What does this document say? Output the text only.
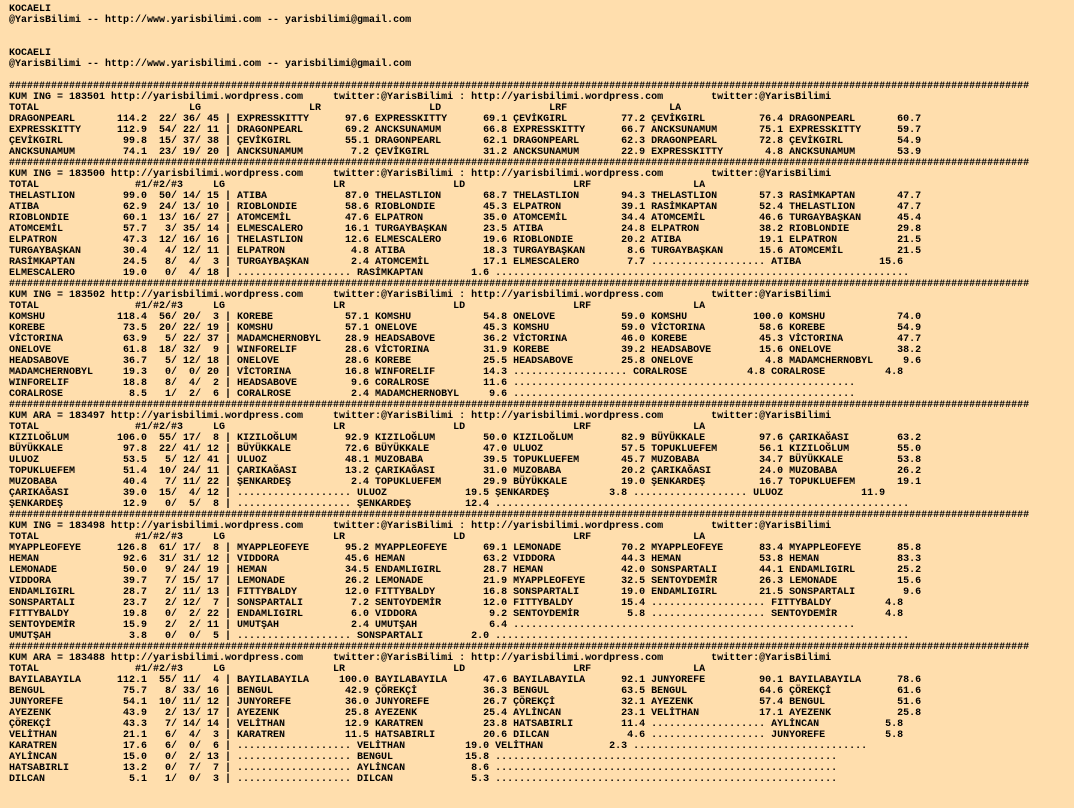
KOCAELI
@YarisBilimi -- http://www.yarisbilimi.com -- yarisbilimi@gmail.com

KOCAELI
@YarisBilimi -- http://www.yarisbilimi.com -- yarisbilimi@gmail.com

##########################################################################################################################################################################
KUM ING = 183501 http://yarisbilimi.wordpress.com     twitter:@YarisBilimi : http://yarisbilimi.wordpress.com        twitter:@YarisBilimi
TOTAL                         LG                  LR                  LD                  LRF                 LA
DRAGONPEARL       114.2  22/ 36/ 45 | EXPRESSKITTY      97.6 EXPRESSKITTY      69.1 ÇEVİKGIRL         77.2 ÇEVİKGIRL         76.4 DRAGONPEARL       60.7
EXPRESSKITTY      112.9  54/ 22/ 11 | DRAGONPEARL       69.2 ANCKSUNAMUM       66.8 EXPRESSKITTY      66.7 ANCKSUNAMUM       75.1 EXPRESSKITTY      59.7
ÇEVİKGIRL          99.8  15/ 37/ 38 | ÇEVİKGIRL         55.1 DRAGONPEARL       62.1 DRAGONPEARL       62.3 DRAGONPEARL       72.8 ÇEVİKGIRL         54.9
ANCKSUNAMUM        74.1  23/ 19/ 20 | ANCKSUNAMUM        7.2 ÇEVİKGIRL         31.2 ANCKSUNAMUM       22.9 EXPRESSKITTY       4.8 ANCKSUNAMUM       53.9
##########################################################################################################################################################################
KUM ING = 183500 http://yarisbilimi.wordpress.com     twitter:@YarisBilimi : http://yarisbilimi.wordpress.com        twitter:@YarisBilimi
TOTAL                #1/#2/#3     LG                  LR                  LD                  LRF                 LA
THELASTLION        99.0  50/ 14/ 15 | ATIBA             87.0 THELASTLION       68.7 THELASTLION       94.3 THELASTLION       57.3 RASİMKAPTAN       47.7
ATIBA              62.9  24/ 13/ 10 | RIOBLONDIE        58.6 RIOBLONDIE        45.3 ELPATRON          39.1 RASİMKAPTAN       52.4 THELASTLION       47.7
RIOBLONDIE         60.1  13/ 16/ 27 | ATOMCEMİL         47.6 ELPATRON          35.0 ATOMCEMİL         34.4 ATOMCEMİL         46.6 TURGAYBAŞKAN      45.4
ATOMCEMİL          57.7   3/ 35/ 14 | ELMESCALERO       16.1 TURGAYBAŞKAN      23.5 ATIBA             24.8 ELPATRON          38.2 RIOBLONDIE        29.8
ELPATRON           47.3  12/ 16/ 16 | THELASTLION       12.6 ELMESCALERO       19.6 RIOBLONDIE        20.2 ATIBA             19.1 ELPATRON          21.5
TURGAYBAŞKAN       30.4   4/ 12/ 11 | ELPATRON           4.8 ATIBA             18.3 TURGAYBAŞKAN       8.6 TURGAYBAŞKAN      15.6 ATOMCEMİL         21.5
RASİMKAPTAN        24.5   8/  4/  3 | TURGAYBAŞKAN       2.4 ATOMCEMİL         17.1 ELMESCALERO        7.7 ................... ATIBA             15.6
ELMESCALERO        19.0   0/  4/ 18 | ................... RASİMKAPTAN        1.6 .....................................................................
##########################################################################################################################################################################
KUM ING = 183502 http://yarisbilimi.wordpress.com     twitter:@YarisBilimi : http://yarisbilimi.wordpress.com        twitter:@YarisBilimi
TOTAL                #1/#2/#3     LG                  LR                  LD                  LRF                 LA
KOMSHU            118.4  56/ 20/  3 | KOREBE            57.1 KOMSHU            54.8 ONELOVE           59.0 KOMSHU           100.0 KOMSHU            74.0
KOREBE             73.5  20/ 22/ 19 | KOMSHU            57.1 ONELOVE           45.3 KOMSHU            59.0 VİCTORINA         58.6 KOREBE            54.9
VİCTORINA          63.9   5/ 22/ 37 | MADAMCHERNOBYL    28.9 HEADSABOVE        36.2 VİCTORINA         46.0 KOREBE            45.3 VİCTORINA         47.7
ONELOVE            61.8  18/ 32/  9 | WINFORELIF        28.6 VİCTORINA         31.9 KOREBE            39.2 HEADSABOVE        15.6 ONELOVE           38.2
HEADSABOVE         36.7   5/ 12/ 18 | ONELOVE           28.6 KOREBE            25.5 HEADSABOVE        25.8 ONELOVE            4.8 MADAMCHERNOBYL     9.6
MADAMCHERNOBYL     19.3   0/  0/ 20 | VİCTORINA         16.8 WINFORELIF        14.3 ................... CORALROSE          4.8 CORALROSE          4.8
WINFORELIF         18.8   8/  4/  2 | HEADSABOVE         9.6 CORALROSE         11.6 .........................................................
CORALROSE           8.5   1/  2/  6 | CORALROSE          2.4 MADAMCHERNOBYL     9.6 .........................................................
##########################################################################################################################################################################
KUM ARA = 183497 http://yarisbilimi.wordpress.com     twitter:@YarisBilimi : http://yarisbilimi.wordpress.com        twitter:@YarisBilimi
TOTAL                #1/#2/#3     LG                  LR                  LD                  LRF                 LA
KIZILOĞLUM        106.0  55/ 17/  8 | KIZILOĞLUM        92.9 KIZILOĞLUM        50.0 KIZILOĞLUM        82.9 BÜYÜKKALE         97.6 ÇARIKAĞASI        63.2
BÜYÜKKALE          97.8  22/ 41/ 12 | BÜYÜKKALE         72.6 BÜYÜKKALE         47.0 ULUOZ             57.5 TOPUKLUEFEM       56.1 KIZILOĞLUM        55.0
ULUOZ              53.5   5/ 12/ 41 | ULUOZ             48.1 MUZOBABA          39.5 TOPUKLUEFEM       45.7 MUZOBABA          34.7 BÜYÜKKALE         53.8
TOPUKLUEFEM        51.4  10/ 24/ 11 | ÇARIKAĞASI        13.2 ÇARIKAĞASI        31.0 MUZOBABA          20.2 ÇARIKAĞASI        24.0 MUZOBABA          26.2
MUZOBABA           40.4   7/ 11/ 22 | ŞENKARDEŞ          2.4 TOPUKLUEFEM       29.9 BÜYÜKKALE         19.0 ŞENKARDEŞ         16.7 TOPUKLUEFEM       19.1
ÇARIKAĞASI         39.0  15/  4/ 12 | ................... ULUOZ             19.5 ŞENKARDEŞ          3.8 ................... ULUOZ             11.9
ŞENKARDEŞ          12.9   0/  5/  8 | ................... ŞENKARDEŞ         12.4 .....................................................................
##########################################################################################################################################################################
KUM ING = 183498 http://yarisbilimi.wordpress.com     twitter:@YarisBilimi : http://yarisbilimi.wordpress.com        twitter:@YarisBilimi
TOTAL                #1/#2/#3     LG                  LR                  LD                  LRF                 LA
MYAPPLEOFEYE      126.8  61/ 17/  8 | MYAPPLEOFEYE      95.2 MYAPPLEOFEYE      69.1 LEMONADE          70.2 MYAPPLEOFEYE      83.4 MYAPPLEOFEYE      85.8
HEMAN              92.6  31/ 31/ 12 | VIDDORA           45.6 HEMAN             63.2 VIDDORA           44.3 HEMAN             53.8 HEMAN             83.3
LEMONADE           50.0   9/ 24/ 19 | HEMAN             34.5 ENDAMLIGIRL       28.7 HEMAN             42.0 SONSPARTALI       44.1 ENDAMLIGIRL       25.2
VIDDORA            39.7   7/ 15/ 17 | LEMONADE          26.2 LEMONADE          21.9 MYAPPLEOFEYE      32.5 SENTOYDEMİR       26.3 LEMONADE          15.6
ENDAMLIGIRL        28.7   2/ 11/ 13 | FITTYBALDY        12.0 FITTYBALDY        16.8 SONSPARTALI       19.0 ENDAMLIGIRL       21.5 SONSPARTALI        9.6
SONSPARTALI        23.7   2/ 12/  7 | SONSPARTALI        7.2 SENTOYDEMİR       12.0 FITTYBALDY        15.4 ................... FITTYBALDY         4.8
FITTYBALDY         19.8   0/  2/ 22 | ENDAMLIGIRL        6.0 VIDDORA            9.2 SENTOYDEMİR        5.8 ................... SENTOYDEMİR        4.8
SENTOYDEMİR        15.9   2/  2/ 11 | UMUTŞAH            2.4 UMUTŞAH            6.4 .........................................................
UMUTŞAH             3.8   0/  0/  5 | ................... SONSPARTALI        2.0 .....................................................................
##########################################################################################################################################################################
KUM ARA = 183488 http://yarisbilimi.wordpress.com     twitter:@YarisBilimi : http://yarisbilimi.wordpress.com        twitter:@YarisBilimi
TOTAL                #1/#2/#3     LG                  LR                  LD                  LRF                 LA
BAYILABAYILA      112.1  55/ 11/  4 | BAYILABAYILA     100.0 BAYILABAYILA      47.6 BAYILABAYILA      92.1 JUNYOREFE         90.1 BAYILABAYILA      78.6
BENGUL             75.7   8/ 33/ 16 | BENGUL            42.9 ÇÖREKÇİ           36.3 BENGUL            63.5 BENGUL            64.6 ÇÖREKÇİ           61.6
JUNYOREFE          54.1  10/ 11/ 12 | JUNYOREFE         36.0 JUNYOREFE         26.7 ÇÖREKÇİ           32.1 AYEZENK           57.4 BENGUL            51.6
AYEZENK            43.9   2/ 13/ 17 | AYEZENK           25.8 AYEZENK           25.4 AYLİNCAN          23.1 VELİTHAN          17.1 AYEZENK           25.8
ÇÖREKÇİ            43.3   7/ 14/ 14 | VELİTHAN          12.9 KARATREN          23.8 HATSABIRLI        11.4 ................... AYLİNCAN           5.8
VELİTHAN           21.1   6/  4/  3 | KARATREN          11.5 HATSABIRLI        20.6 DILCAN             4.6 ................... JUNYOREFE          5.8
KARATREN           17.6   6/  0/  6 | ................... VELİTHAN          19.0 VELİTHAN           2.3 .......................................
AYLİNCAN           15.0   0/  2/ 13 | ................... BENGUL            15.8 .........................................................
HATSABIRLI         13.2   0/  7/  7 | ................... AYLİNCAN           8.6 .........................................................
DILCAN              5.1   1/  0/  3 | ................... DILCAN             5.3 .........................................................
